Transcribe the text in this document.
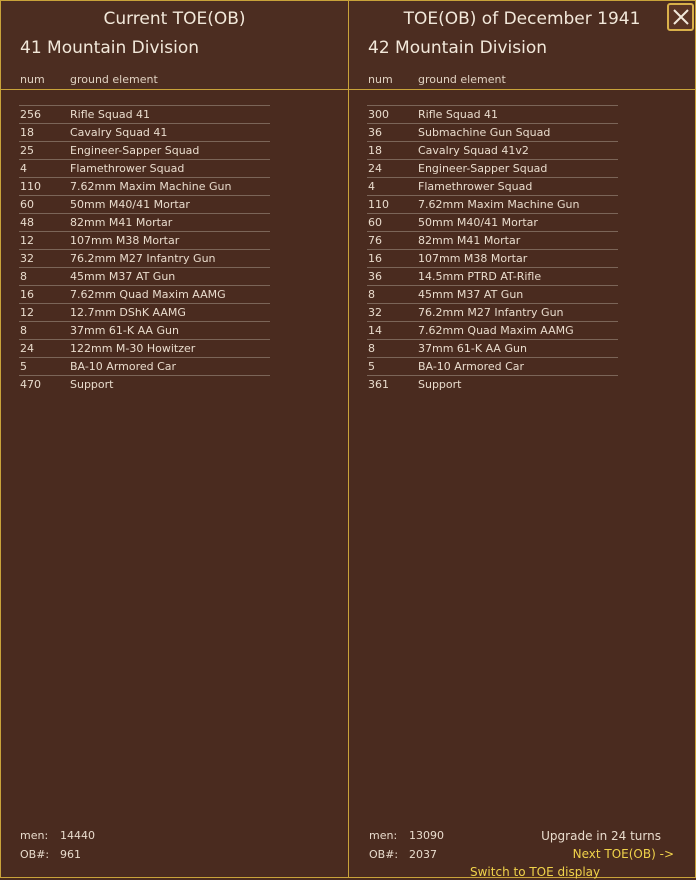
Current TOE(OB)
41 Mountain Division
num ground element
256	Rifle Squad 41
18	Cavalry Squad 41
25	Engineer-Sapper Squad
4	Flamethrower Squad
110	7.62mm Maxim Machine Gun
60	50mm M40/41 Mortar
48	82mm M41 Mortar
12	107mm M38 Mortar
32	76.2mm M27 Infantry Gun
8	45mm M37 AT Gun
16	7.62mm Quad Maxim AAMG
12	12.7mm DShK AAMG
8	37mm 61-K AA Gun
24	122mm M-30 Howitzer
5	BA-10 Armored Car
470	Support
men: 14440
OB#: 961
TOE(OB) of December 1941
42 Mountain Division
num ground element
300	Rifle Squad 41
36	Submachine Gun Squad
18	Cavalry Squad 41v2
24	Engineer-Sapper Squad
4	Flamethrower Squad
110	7.62mm Maxim Machine Gun
60	50mm M40/41 Mortar
76	82mm M41 Mortar
16	107mm M38 Mortar
36	14.5mm PTRD AT-Rifle
8	45mm M37 AT Gun
32	76.2mm M27 Infantry Gun
14	7.62mm Quad Maxim AAMG
8	37mm 61-K AA Gun
5	BA-10 Armored Car
361	Support
men: 13090
OB#: 2037
Upgrade in 24 turns
Next TOE(OB) ->
Switch to TOE display
